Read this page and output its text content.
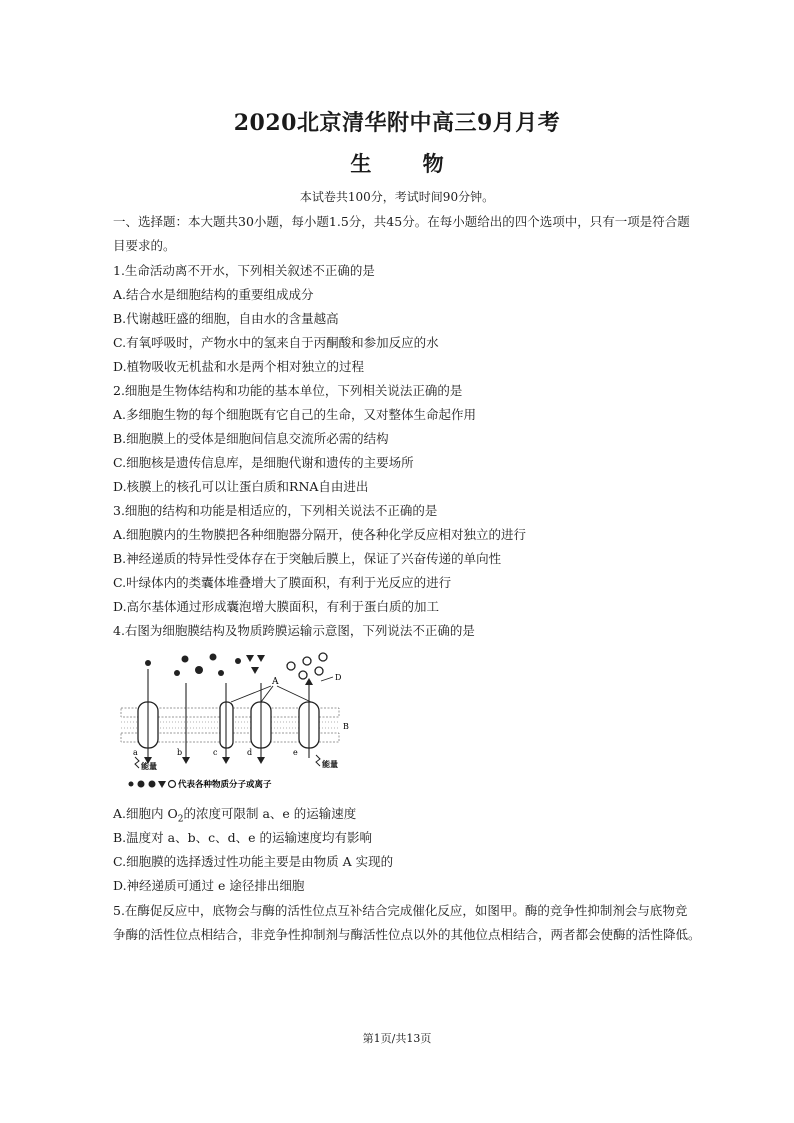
2020北京清华附中高三9月月考
生 物
本试卷共100分，考试时间90分钟。
一、选择题：本大题共30小题，每小题1.5分，共45分。在每小题给出的四个选项中，只有一项是符合题
目要求的。
1.生命活动离不开水，下列相关叙述不正确的是
A.结合水是细胞结构的重要组成成分
B.代谢越旺盛的细胞，自由水的含量越高
C.有氧呼吸时，产物水中的氢来自于丙酮酸和参加反应的水
D.植物吸收无机盐和水是两个相对独立的过程
2.细胞是生物体结构和功能的基本单位，下列相关说法正确的是
A.多细胞生物的每个细胞既有它自己的生命，又对整体生命起作用
B.细胞膜上的受体是细胞间信息交流所必需的结构
C.细胞核是遗传信息库，是细胞代谢和遗传的主要场所
D.核膜上的核孔可以让蛋白质和RNA自由进出
3.细胞的结构和功能是相适应的，下列相关说法不正确的是
A.细胞膜内的生物膜把各种细胞器分隔开，使各种化学反应相对独立的进行
B.神经递质的特异性受体存在于突触后膜上，保证了兴奋传递的单向性
C.叶绿体内的类囊体堆叠增大了膜面积，有利于光反应的进行
D.高尔基体通过形成囊泡增大膜面积，有利于蛋白质的加工
4.右图为细胞膜结构及物质跨膜运输示意图，下列说法不正确的是
A	D
B
a	b	c	d	e
能量	能量
代表各种物质分子或离子
A.细胞内 $O_2$的浓度可限制 a、e 的运输速度
B.温度对 a、b、c、d、e 的运输速度均有影响
C.细胞膜的选择透过性功能主要是由物质 A 实现的
D.神经递质可通过 e 途径排出细胞
5.在酶促反应中，底物会与酶的活性位点互补结合完成催化反应，如图甲。酶的竞争性抑制剂会与底物竞
争酶的活性位点相结合，非竞争性抑制剂与酶活性位点以外的其他位点相结合，两者都会使酶的活性降低。
第1页/共13页
